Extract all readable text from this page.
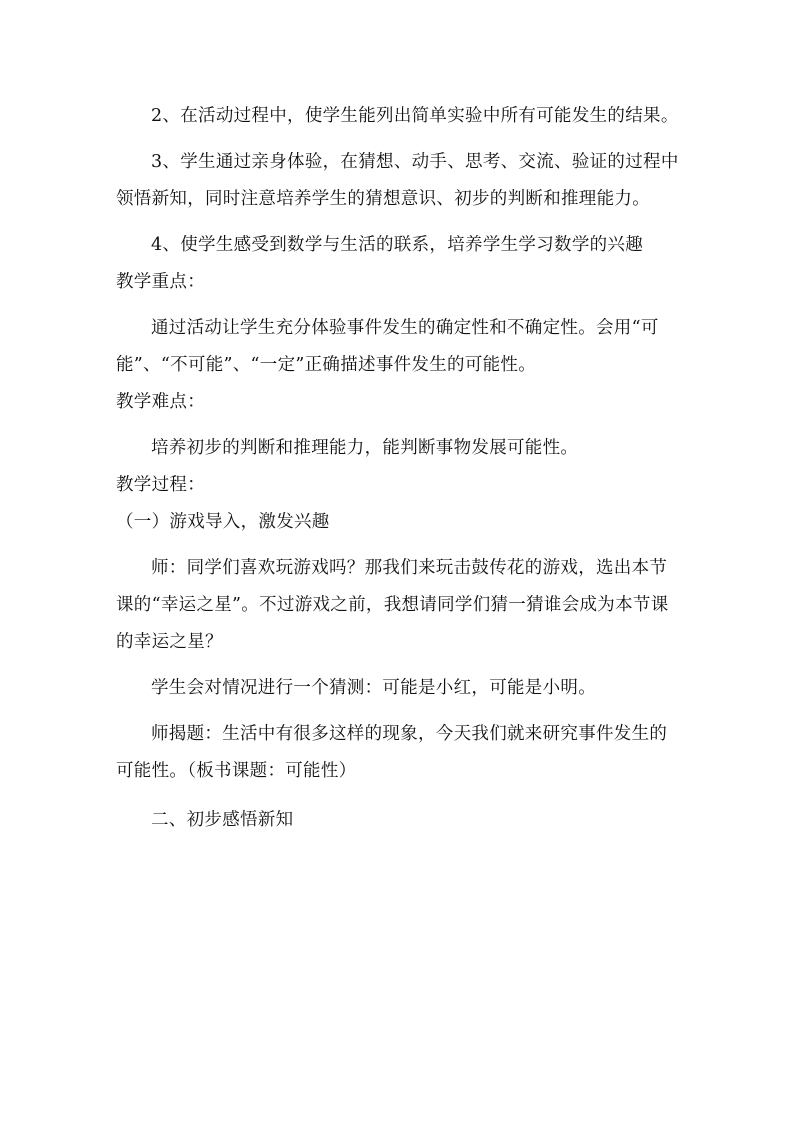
2、在活动过程中，使学生能列出简单实验中所有可能发生的结果。

3、学生通过亲身体验，在猜想、动手、思考、交流、验证的过程中领悟新知，同时注意培养学生的猜想意识、初步的判断和推理能力。

4、使学生感受到数学与生活的联系，培养学生学习数学的兴趣

教学重点：

通过活动让学生充分体验事件发生的确定性和不确定性。会用“可能”、“不可能”、“一定”正确描述事件发生的可能性。

教学难点：

培养初步的判断和推理能力，能判断事物发展可能性。

教学过程：

（一）游戏导入，激发兴趣

师：同学们喜欢玩游戏吗？那我们来玩击鼓传花的游戏，选出本节课的“幸运之星”。不过游戏之前，我想请同学们猜一猜谁会成为本节课的幸运之星？

学生会对情况进行一个猜测：可能是小红，可能是小明。

师揭题：生活中有很多这样的现象，今天我们就来研究事件发生的可能性。（板书课题：可能性）

二、初步感悟新知
